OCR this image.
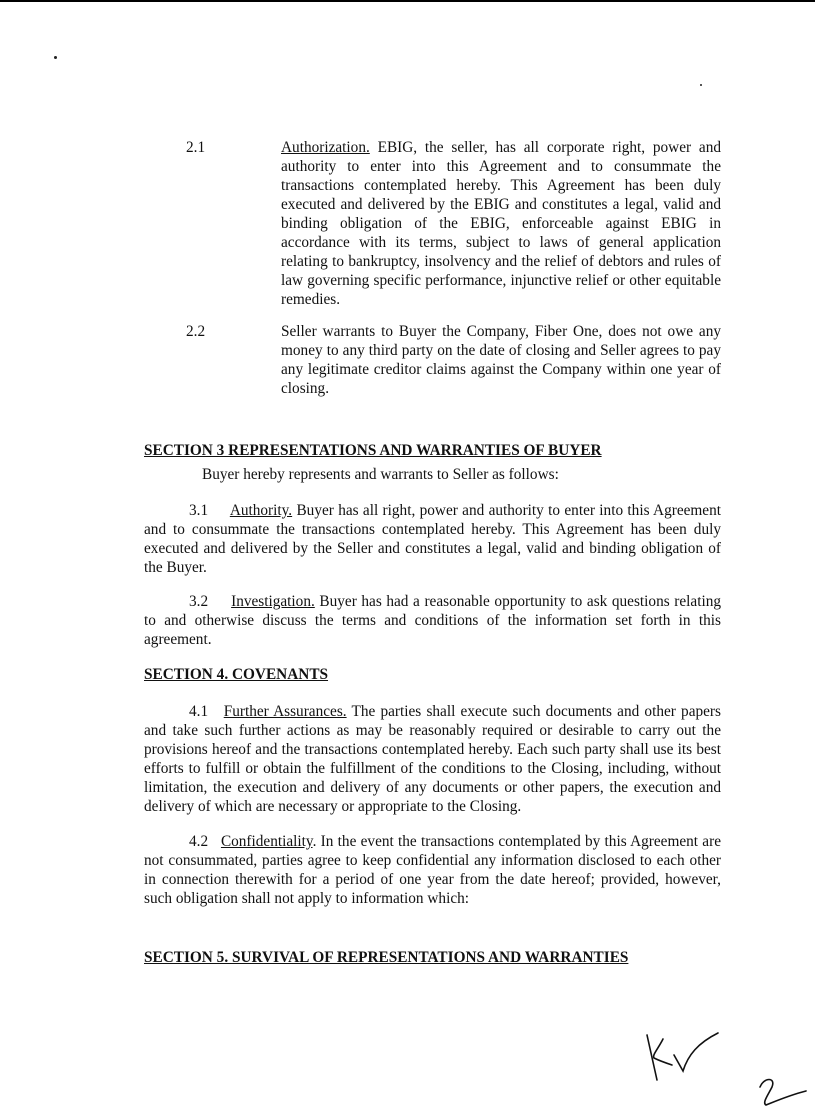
2.1	Authorization. EBIG, the seller, has all corporate right, power and authority to enter into this Agreement and to consummate the transactions contemplated hereby. This Agreement has been duly executed and delivered by the EBIG and constitutes a legal, valid and binding obligation of the EBIG, enforceable against EBIG in accordance with its terms, subject to laws of general application relating to bankruptcy, insolvency and the relief of debtors and rules of law governing specific performance, injunctive relief or other equitable remedies.
2.2	Seller warrants to Buyer the Company, Fiber One, does not owe any money to any third party on the date of closing and Seller agrees to pay any legitimate creditor claims against the Company within one year of closing.
SECTION 3 REPRESENTATIONS AND WARRANTIES OF BUYER
Buyer hereby represents and warrants to Seller as follows:
3.1 Authority. Buyer has all right, power and authority to enter into this Agreement and to consummate the transactions contemplated hereby. This Agreement has been duly executed and delivered by the Seller and constitutes a legal, valid and binding obligation of the Buyer.
3.2 Investigation. Buyer has had a reasonable opportunity to ask questions relating to and otherwise discuss the terms and conditions of the information set forth in this agreement.
SECTION 4. COVENANTS
4.1 Further Assurances. The parties shall execute such documents and other papers and take such further actions as may be reasonably required or desirable to carry out the provisions hereof and the transactions contemplated hereby. Each such party shall use its best efforts to fulfill or obtain the fulfillment of the conditions to the Closing, including, without limitation, the execution and delivery of any documents or other papers, the execution and delivery of which are necessary or appropriate to the Closing.
4.2 Confidentiality. In the event the transactions contemplated by this Agreement are not consummated, parties agree to keep confidential any information disclosed to each other in connection therewith for a period of one year from the date hereof; provided, however, such obligation shall not apply to information which:
SECTION 5. SURVIVAL OF REPRESENTATIONS AND WARRANTIES
